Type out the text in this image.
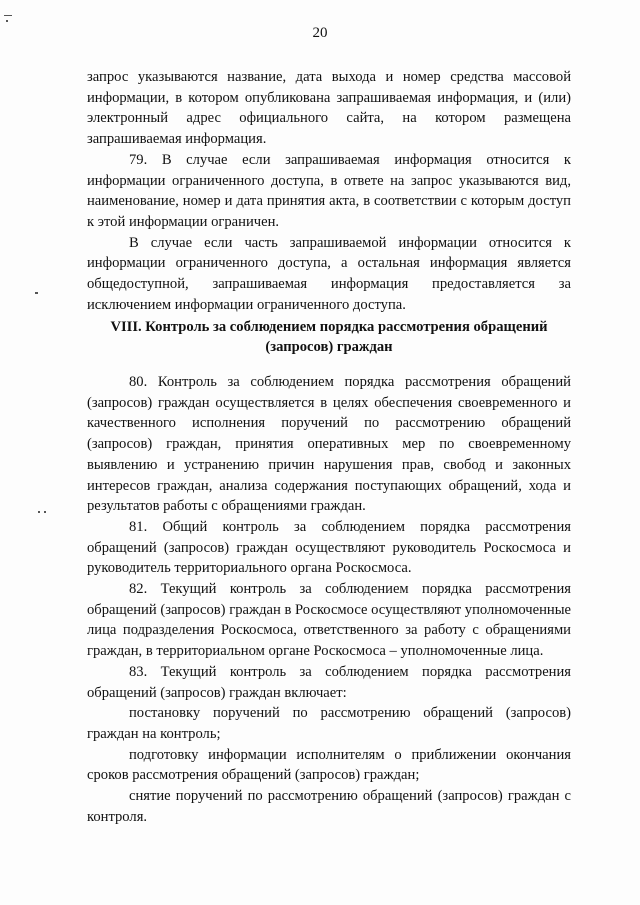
20

запрос указываются название, дата выхода и номер средства массовой информации, в котором опубликована запрашиваемая информация, и (или) электронный адрес официального сайта, на котором размещена запрашиваемая информация.

79. В случае если запрашиваемая информация относится к информации ограниченного доступа, в ответе на запрос указываются вид, наименование, номер и дата принятия акта, в соответствии с которым доступ к этой информации ограничен.

В случае если часть запрашиваемой информации относится к информации ограниченного доступа, а остальная информация является общедоступной, запрашиваемая информация предоставляется за исключением информации ограниченного доступа.

VIII. Контроль за соблюдением порядка рассмотрения обращений
(запросов) граждан

80. Контроль за соблюдением порядка рассмотрения обращений (запросов) граждан осуществляется в целях обеспечения своевременного и качественного исполнения поручений по рассмотрению обращений (запросов) граждан, принятия оперативных мер по своевременному выявлению и устранению причин нарушения прав, свобод и законных интересов граждан, анализа содержания поступающих обращений, хода и результатов работы с обращениями граждан.

81. Общий контроль за соблюдением порядка рассмотрения обращений (запросов) граждан осуществляют руководитель Роскосмоса и руководитель территориального органа Роскосмоса.

82. Текущий контроль за соблюдением порядка рассмотрения обращений (запросов) граждан в Роскосмосе осуществляют уполномоченные лица подразделения Роскосмоса, ответственного за работу с обращениями граждан, в территориальном органе Роскосмоса – уполномоченные лица.

83. Текущий контроль за соблюдением порядка рассмотрения обращений (запросов) граждан включает:

постановку поручений по рассмотрению обращений (запросов) граждан на контроль;

подготовку информации исполнителям о приближении окончания сроков рассмотрения обращений (запросов) граждан;

снятие поручений по рассмотрению обращений (запросов) граждан с контроля.
